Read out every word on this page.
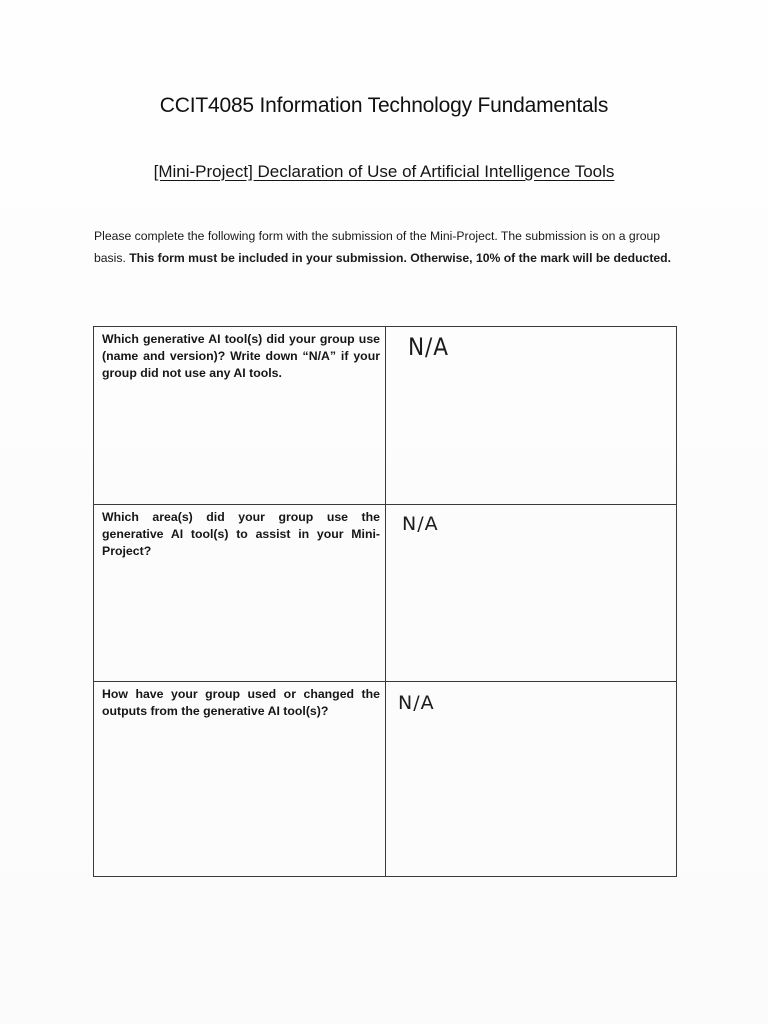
CCIT4085 Information Technology Fundamentals
[Mini-Project] Declaration of Use of Artificial Intelligence Tools
Please complete the following form with the submission of the Mini-Project. The submission is on a group basis. This form must be included in your submission. Otherwise, 10% of the mark will be deducted.
Which generative AI tool(s) did your group use (name and version)? Write down “N/A” if your group did not use any AI tools.
N/A
Which area(s) did your group use the generative AI tool(s) to assist in your Mini-Project?
N/A
How have your group used or changed the outputs from the generative AI tool(s)?	N/A
